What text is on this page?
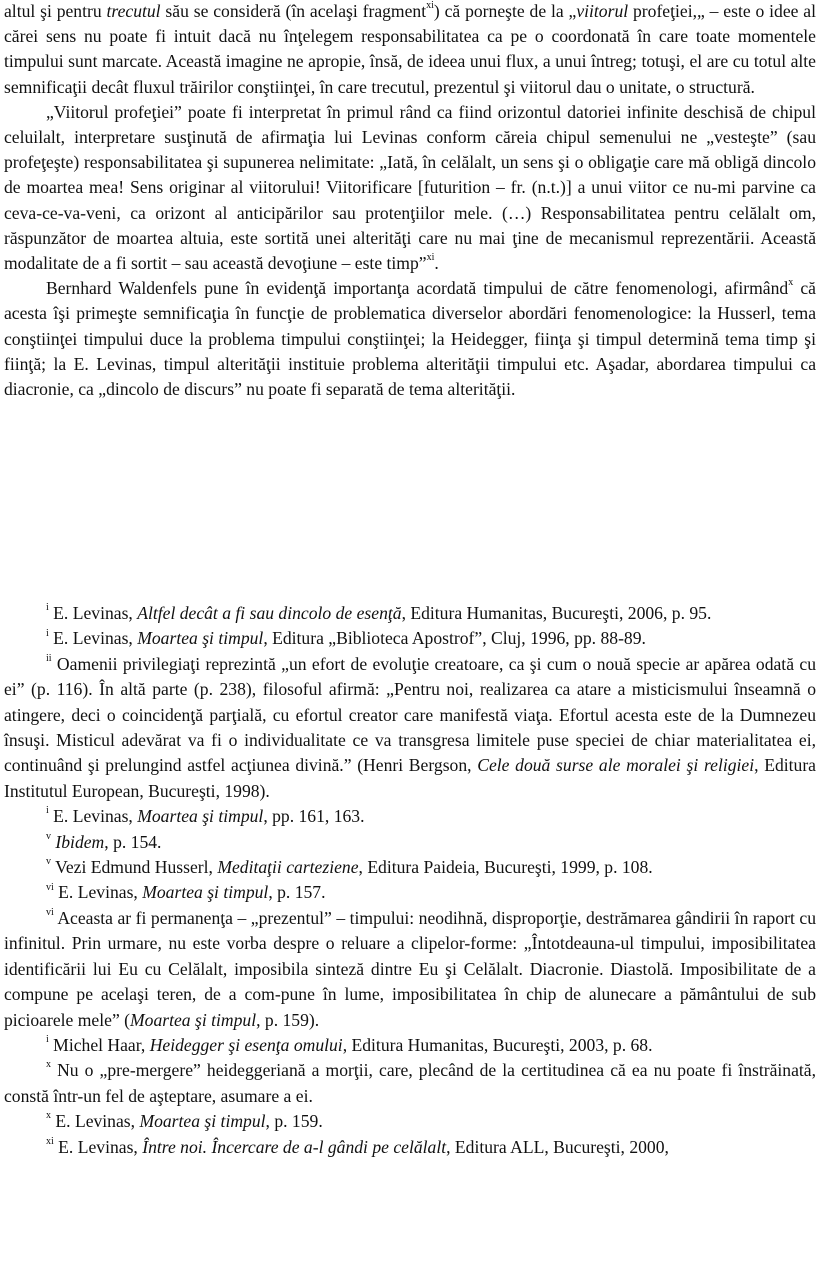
altul şi pentru trecutul său se consideră (în acelaşi fragment$^{xi}$) că porneşte de la „viitorul profeţiei,„ – este o idee al cărei sens nu poate fi intuit dacă nu înţelegem responsabilitatea ca pe o coordonată în care toate momentele timpului sunt marcate. Această imagine ne apropie, însă, de ideea unui flux, a unui întreg; totuşi, el are cu totul alte semnificaţii decât fluxul trăirilor conştiinţei, în care trecutul, prezentul şi viitorul dau o unitate, o structură.

„Viitorul profeţiei” poate fi interpretat în primul rând ca fiind orizontul datoriei infinite deschisă de chipul celuilalt, interpretare susţinută de afirmaţia lui Levinas conform căreia chipul semenului ne „vesteşte” (sau profeţeşte) responsabilitatea şi supunerea nelimitate: „Iată, în celălalt, un sens şi o obligaţie care mă obligă dincolo de moartea mea! Sens originar al viitorului! Viitorificare [futurition – fr. (n.t.)] a unui viitor ce nu-mi parvine ca ceva-ce-va-veni, ca orizont al anticipărilor sau protenţiilor mele. (…) Responsabilitatea pentru celălalt om, răspunzător de moartea altuia, este sortită unei alterităţi care nu mai ţine de mecanismul reprezentării. Această modalitate de a fi sortit – sau această devoţiune – este timp”$^{xi}$.

Bernhard Waldenfels pune în evidenţă importanţa acordată timpului de către fenomenologi, afirmând$^x$ că acesta îşi primeşte semnificaţia în funcţie de problematica diverselor abordări fenomenologice: la Husserl, tema conştiinţei timpului duce la problema timpului conştiinţei; la Heidegger, fiinţa şi timpul determină tema timp şi fiinţă; la E. Levinas, timpul alterităţii instituie problema alterităţii timpului etc. Aşadar, abordarea timpului ca diacronie, ca „dincolo de discurs” nu poate fi separată de tema alterităţii.

$^i$ E. Levinas, Altfel decât a fi sau dincolo de esenţă, Editura Humanitas, Bucureşti, 2006, p. 95.

$^i$ E. Levinas, Moartea şi timpul, Editura „Biblioteca Apostrof”, Cluj, 1996, pp. 88-89.

$^{ii}$ Oamenii privilegiaţi reprezintă „un efort de evoluţie creatoare, ca şi cum o nouă specie ar apărea odată cu ei” (p. 116). În altă parte (p. 238), filosoful afirmă: „Pentru noi, realizarea ca atare a misticismului înseamnă o atingere, deci o coincidenţă parţială, cu efortul creator care manifestă viaţa. Efortul acesta este de la Dumnezeu însuşi. Misticul adevărat va fi o individualitate ce va transgresa limitele puse speciei de chiar materialitatea ei, continuând şi prelungind astfel acţiunea divină.” (Henri Bergson, Cele două surse ale moralei şi religiei, Editura Institutul European, Bucureşti, 1998).

$^i$ E. Levinas, Moartea şi timpul, pp. 161, 163.

$^v$ Ibidem, p. 154.

$^v$ Vezi Edmund Husserl, Meditaţii carteziene, Editura Paideia, Bucureşti, 1999, p. 108.

$^{vi}$ E. Levinas, Moartea şi timpul, p. 157.

$^{vi}$ Aceasta ar fi permanenţa – „prezentul” – timpului: neodihnă, disproporţie, destrămarea gândirii în raport cu infinitul. Prin urmare, nu este vorba despre o reluare a clipelor-forme: „Întotdeauna-ul timpului, imposibilitatea identificării lui Eu cu Celălalt, imposibila sinteză dintre Eu şi Celălalt. Diacronie. Diastolă. Imposibilitate de a compune pe acelaşi teren, de a com-pune în lume, imposibilitatea în chip de alunecare a pământului de sub picioarele mele” (Moartea şi timpul, p. 159).

$^i$ Michel Haar, Heidegger şi esenţa omului, Editura Humanitas, Bucureşti, 2003, p. 68.

$^x$ Nu o „pre-mergere” heideggeriană a morţii, care, plecând de la certitudinea că ea nu poate fi înstrăinată, constă într-un fel de aşteptare, asumare a ei.

$^x$ E. Levinas, Moartea şi timpul, p. 159.

$^{xi}$ E. Levinas, Între noi. Încercare de a-l gândi pe celălalt, Editura ALL, Bucureşti, 2000,
